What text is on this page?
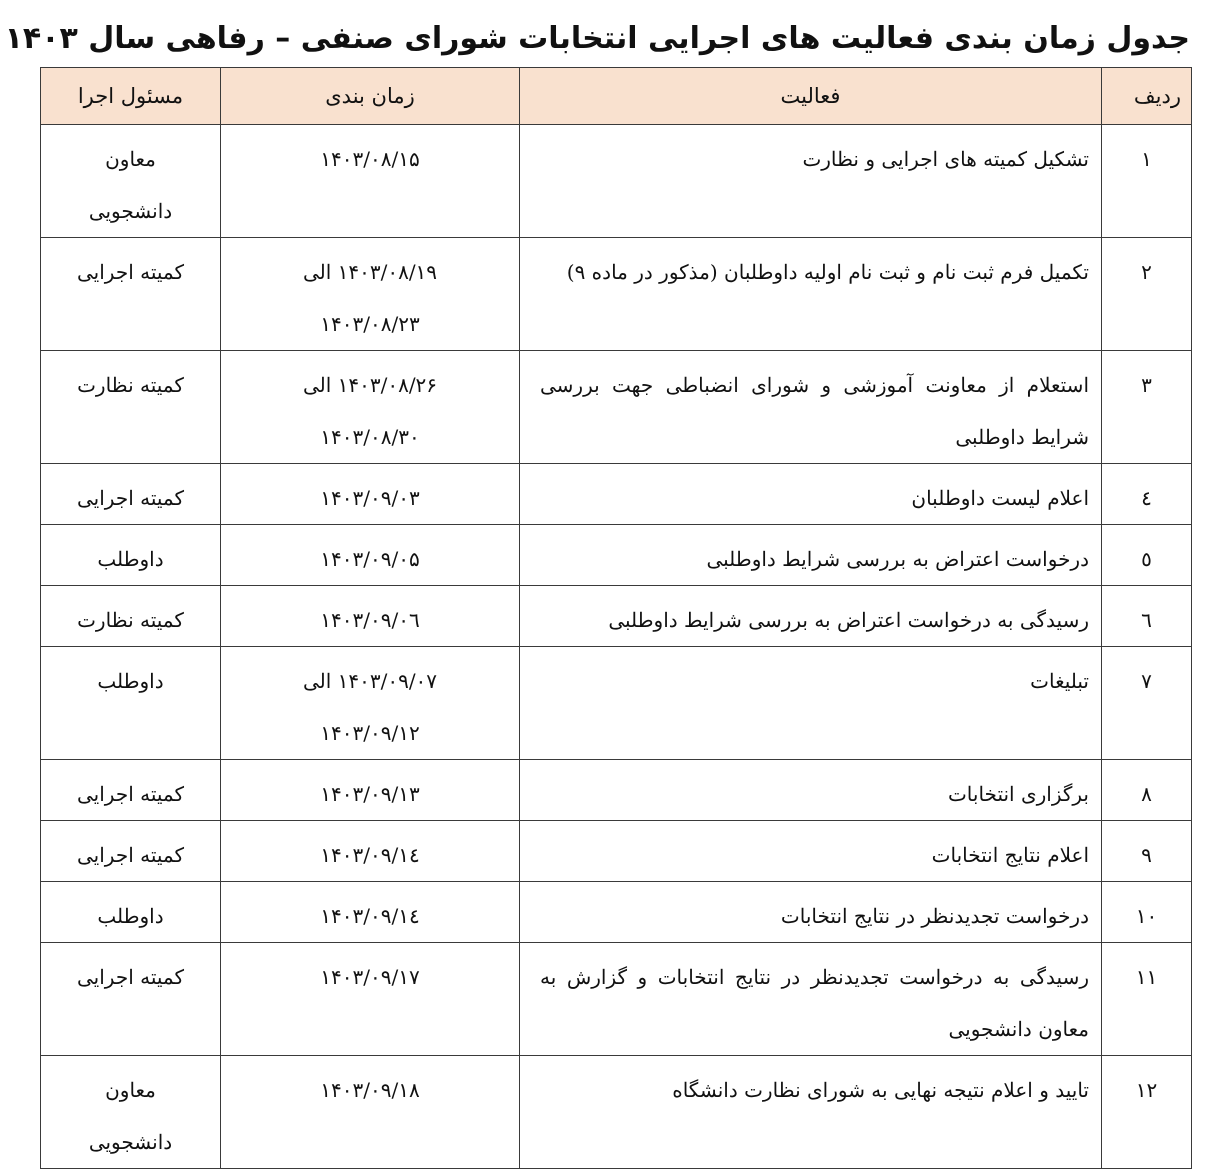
جدول زمان بندی فعالیت های اجرایی انتخابات شورای صنفی – رفاهی سال ۱۴۰۳
ردیف	فعالیت	زمان بندی	مسئول اجرا
۱	تشکیل کمیته های اجرایی و نظارت	۱۴۰۳/۰۸/۱۵	معاون
دانشجویی

۲	تکمیل فرم ثبت نام و ثبت نام اولیه داوطلبان (مذکور در ماده ۹)	۱۴۰۳/۰۸/۱۹ الی
۱۴۰۳/۰۸/۲۳	کمیته اجرایی

۳	استعلام از معاونت آموزشی و شورای انضباطی جهت بررسی شرایط داوطلبی	۱۴۰۳/۰۸/۲۶ الی
۱۴۰۳/۰۸/۳۰	کمیته نظارت

٤	اعلام لیست داوطلبان	۱۴۰۳/۰۹/۰۳	کمیته اجرایی

٥	درخواست اعتراض به بررسی شرایط داوطلبی	۱۴۰۳/۰۹/۰۵	داوطلب

٦	رسیدگی به درخواست اعتراض به بررسی شرایط داوطلبی	۱۴۰۳/۰۹/۰٦	کمیته نظارت

۷	تبلیغات	۱۴۰۳/۰۹/۰۷ الی
۱۴۰۳/۰۹/۱۲	داوطلب

۸	برگزاری انتخابات	۱۴۰۳/۰۹/۱۳	کمیته اجرایی

۹	اعلام نتایج انتخابات	۱۴۰۳/۰۹/۱٤	کمیته اجرایی

۱۰	درخواست تجدیدنظر در نتایج انتخابات	۱۴۰۳/۰۹/۱٤	داوطلب

۱۱	رسیدگی به درخواست تجدیدنظر در نتایج انتخابات و گزارش به معاون دانشجویی	۱۴۰۳/۰۹/۱۷	کمیته اجرایی

۱۲	تایید و اعلام نتیجه نهایی به شورای نظارت دانشگاه	۱۴۰۳/۰۹/۱۸	معاون
دانشجویی
